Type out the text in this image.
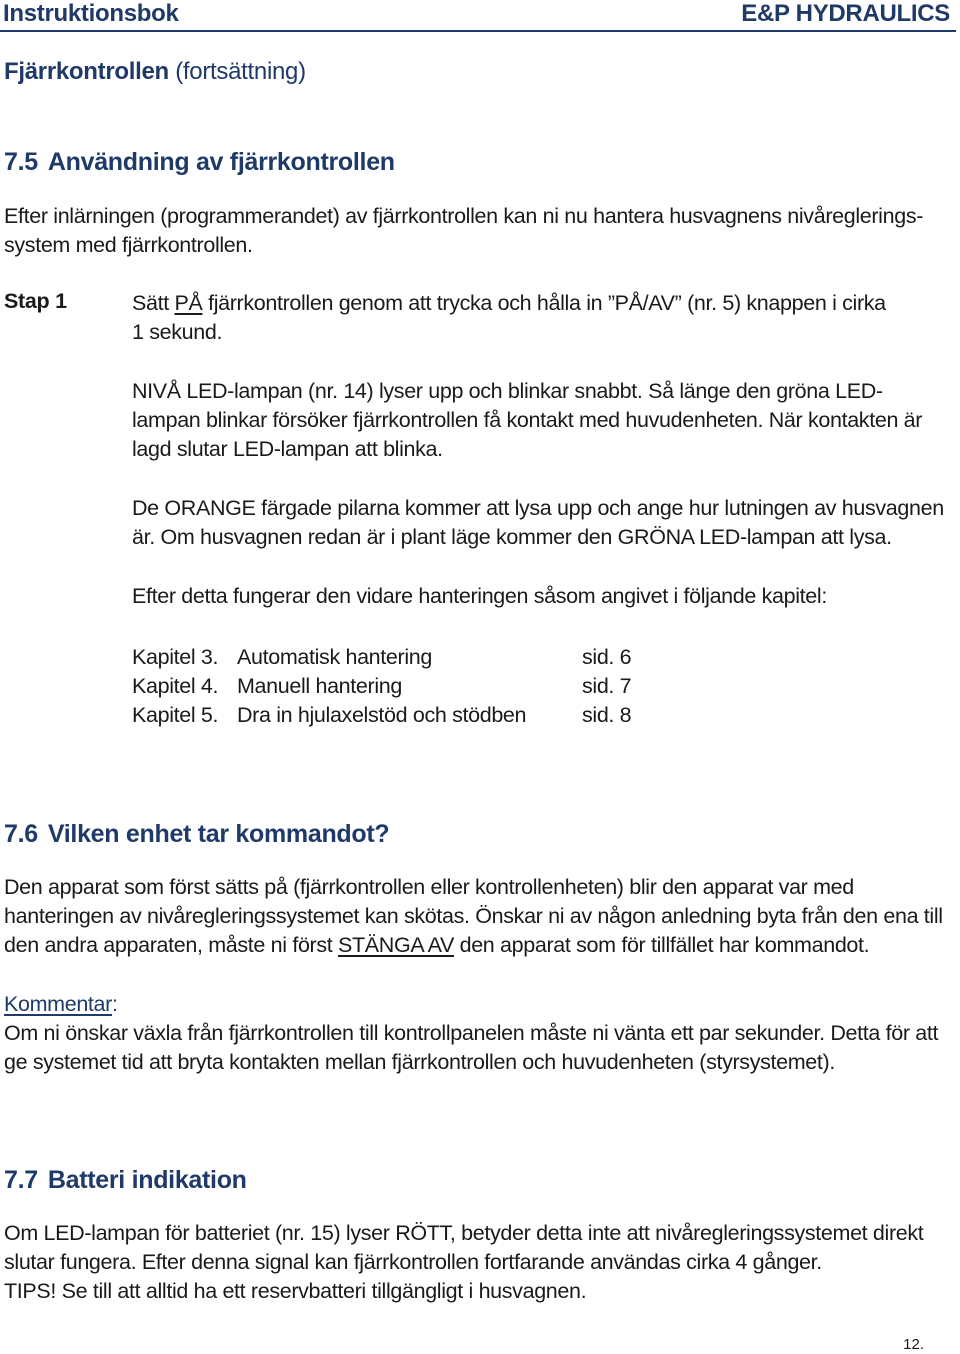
Instruktionsbok	E&P HYDRAULICS
Fjärrkontrollen (fortsättning)
7.5 Användning av fjärrkontrollen
Efter inlärningen (programmerandet) av fjärrkontrollen kan ni nu hantera husvagnens nivåreglerings-
system med fjärrkontrollen.
Stap 1	Sätt PÅ fjärrkontrollen genom att trycka och hålla in ”PÅ/AV” (nr. 5) knappen i cirka
1 sekund.
NIVÅ LED-lampan (nr. 14) lyser upp och blinkar snabbt. Så länge den gröna LED-
lampan blinkar försöker fjärrkontrollen få kontakt med huvudenheten. När kontakten är
lagd slutar LED-lampan att blinka.
De ORANGE färgade pilarna kommer att lysa upp och ange hur lutningen av husvagnen
är. Om husvagnen redan är i plant läge kommer den GRÖNA LED-lampan att lysa.
Efter detta fungerar den vidare hanteringen såsom angivet i följande kapitel:
Kapitel 3. Automatisk hantering	sid. 6
Kapitel 4. Manuell hantering	sid. 7
Kapitel 5. Dra in hjulaxelstöd och stödben	sid. 8
7.6 Vilken enhet tar kommandot?
Den apparat som först sätts på (fjärrkontrollen eller kontrollenheten) blir den apparat var med
hanteringen av nivåregleringssystemet kan skötas. Önskar ni av någon anledning byta från den ena till
den andra apparaten, måste ni först STÄNGA AV den apparat som för tillfället har kommandot.
Kommentar:
Om ni önskar växla från fjärrkontrollen till kontrollpanelen måste ni vänta ett par sekunder. Detta för att
ge systemet tid att bryta kontakten mellan fjärrkontrollen och huvudenheten (styrsystemet).
7.7 Batteri indikation
Om LED-lampan för batteriet (nr. 15) lyser RÖTT, betyder detta inte att nivåregleringssystemet direkt
slutar fungera. Efter denna signal kan fjärrkontrollen fortfarande användas cirka 4 gånger.
TIPS! Se till att alltid ha ett reservbatteri tillgängligt i husvagnen.
12.
